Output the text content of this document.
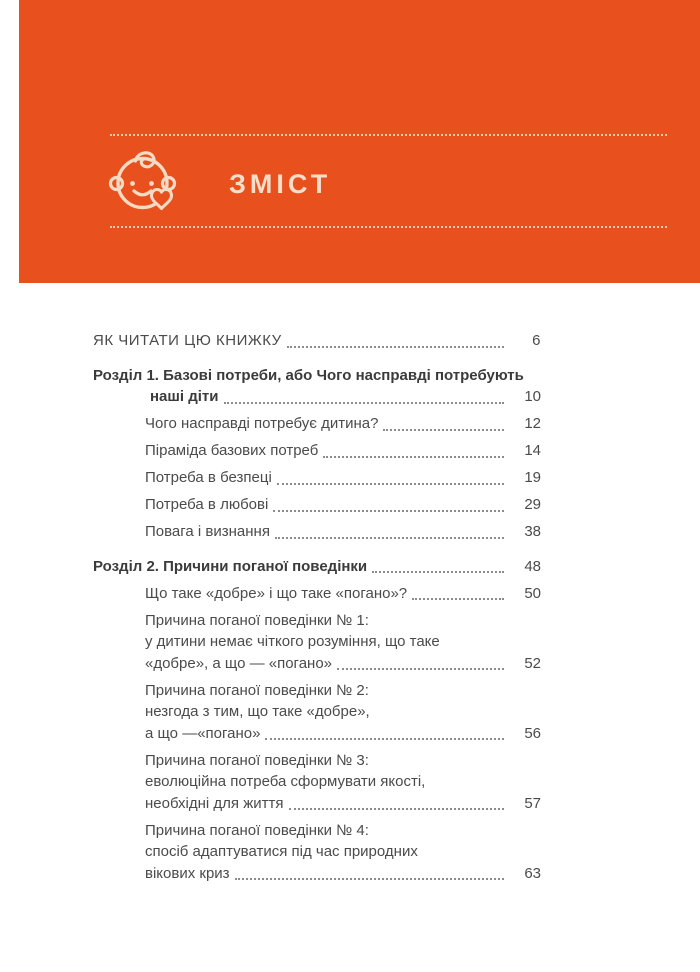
ЗМІСТ
ЯК ЧИТАТИ ЦЮ КНИЖКУ	6
Розділ 1. Базові потреби, або Чого насправді потребують
наші діти	10
Чого насправді потребує дитина?	12
Піраміда базових потреб	14
Потреба в безпеці	19
Потреба в любові	29
Повага і визнання	38
Розділ 2. Причини поганої поведінки	48
Що таке «добре» і що таке «погано»?	50
Причина поганої поведінки № 1:
у дитини немає чіткого розуміння, що таке
«добре», а що — «погано»	52
Причина поганої поведінки № 2:
незгода з тим, що таке «добре»,
а що —«погано»	56
Причина поганої поведінки № 3:
еволюційна потреба сформувати якості,
необхідні для життя	57
Причина поганої поведінки № 4:
спосіб адаптуватися під час природних
вікових криз	63
